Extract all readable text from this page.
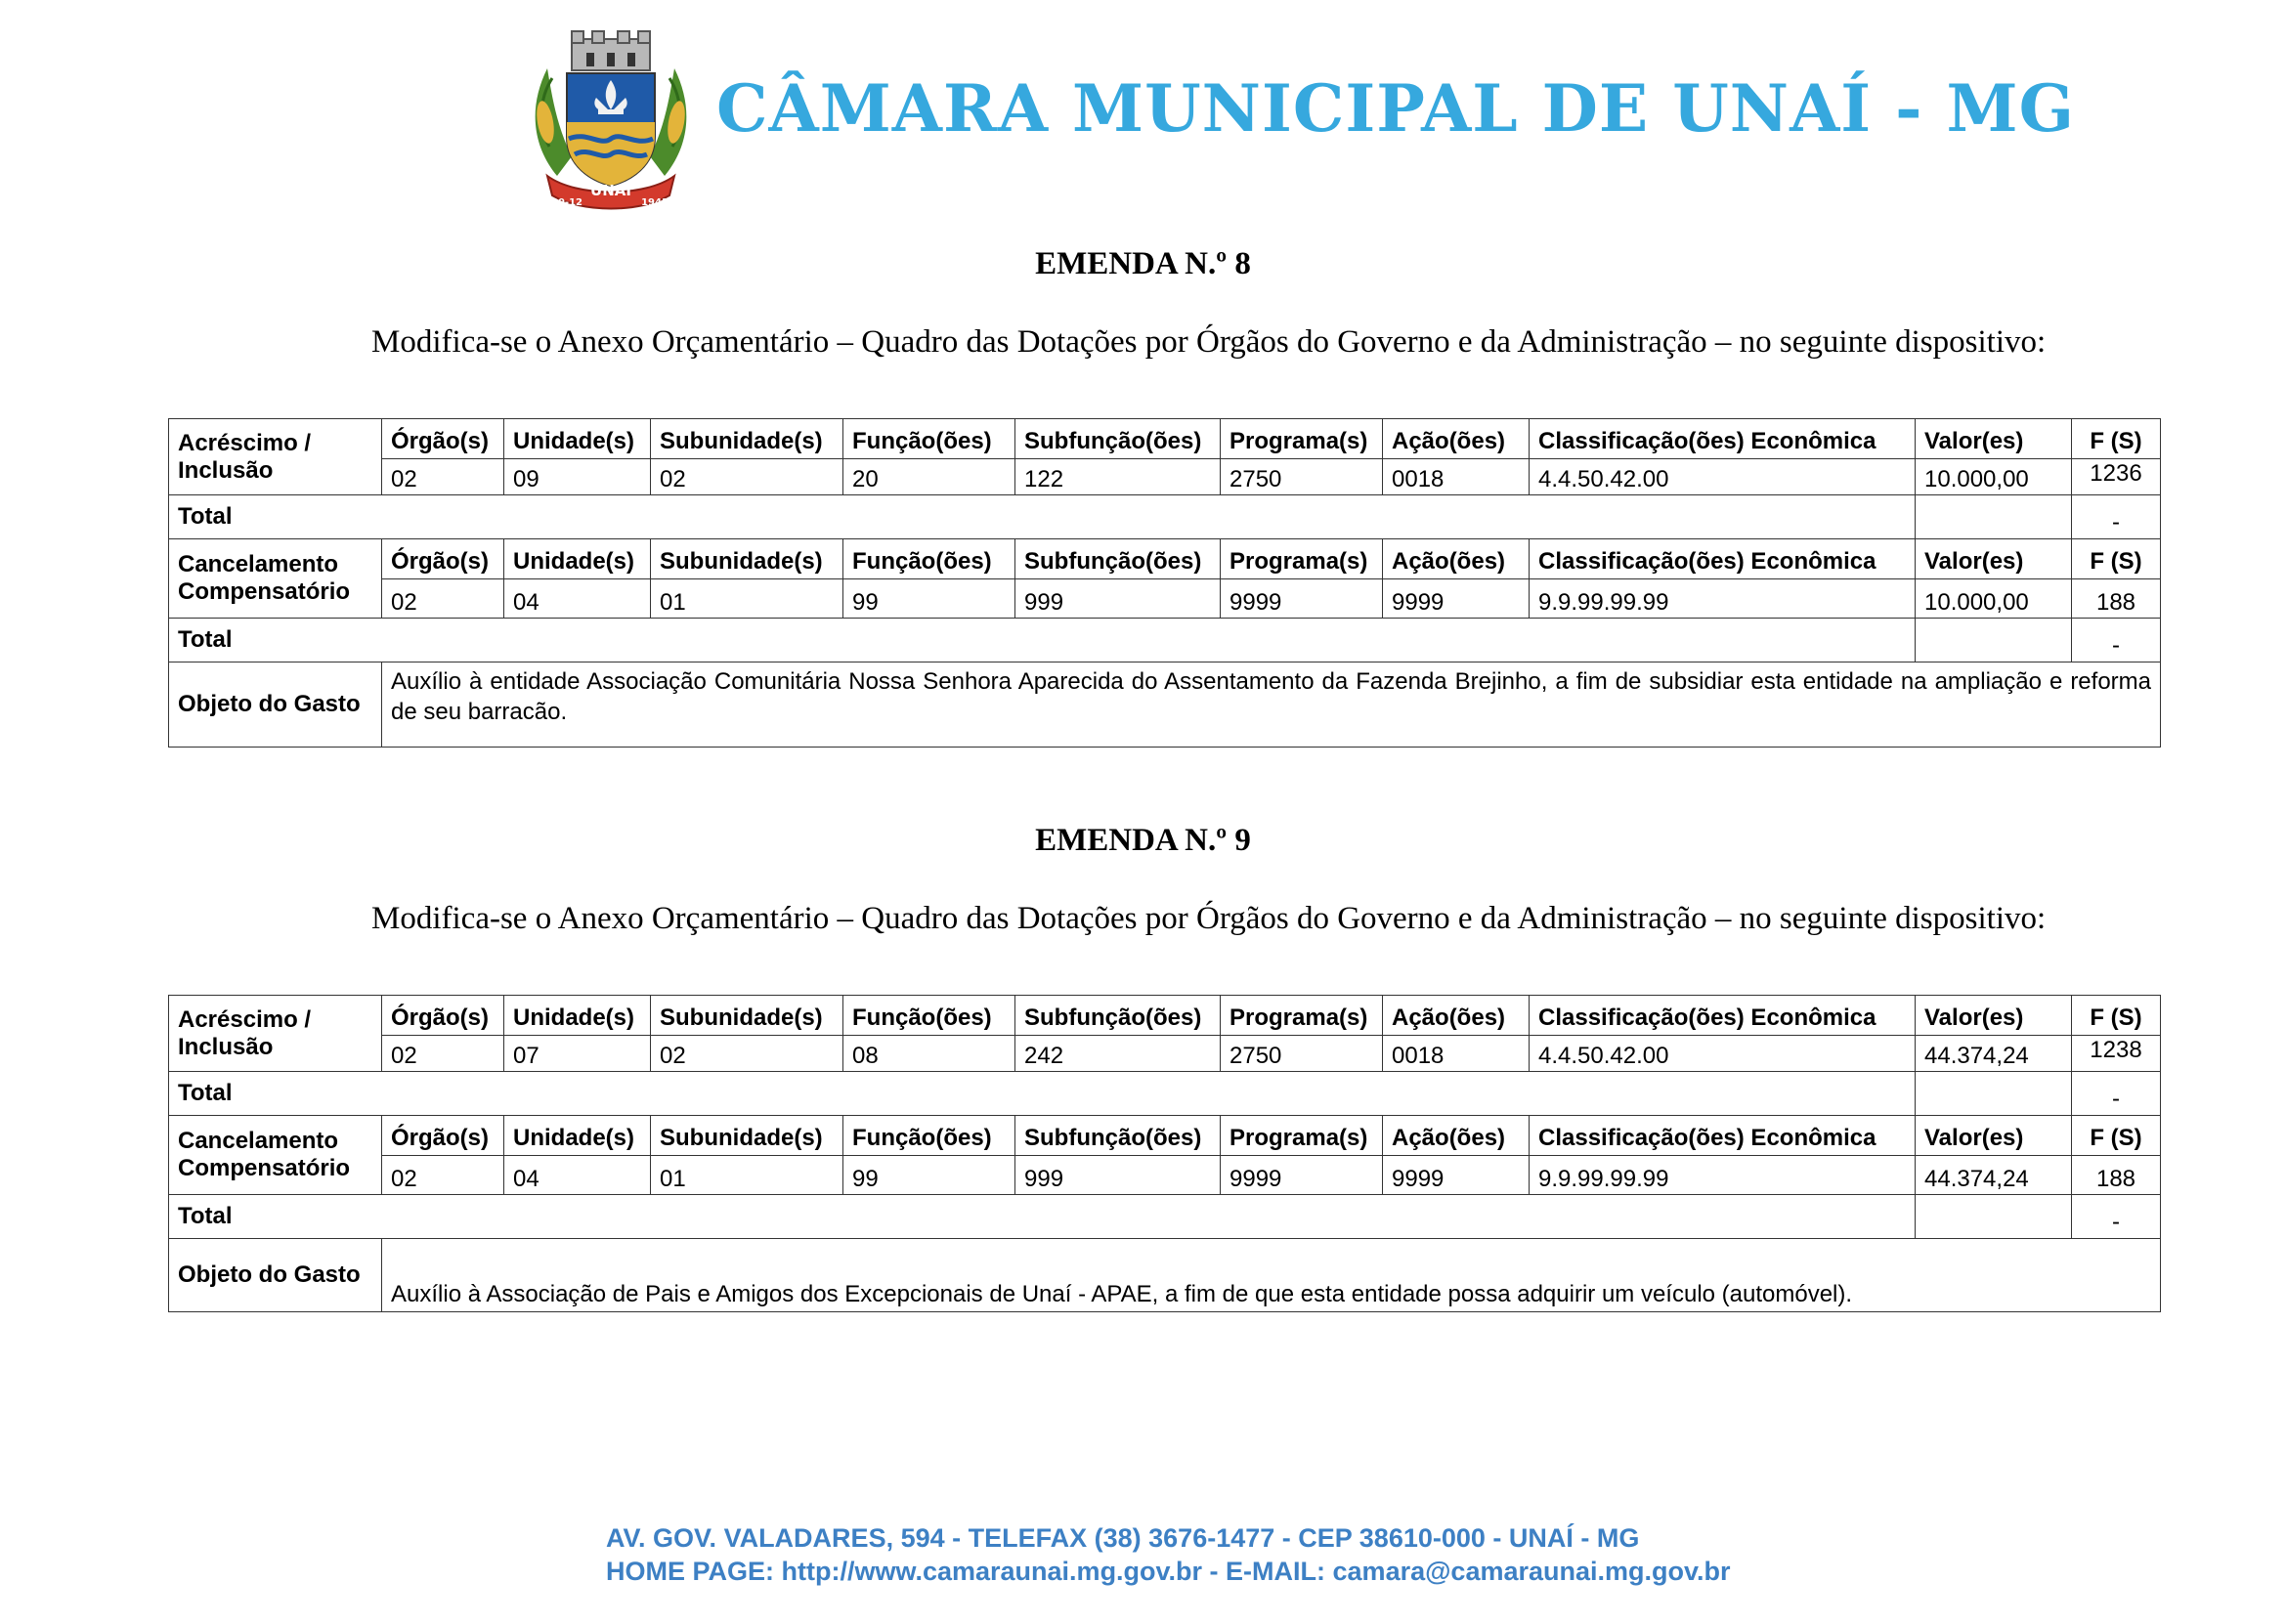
UNAÍ
30-12	1943
CÂMARA MUNICIPAL DE UNAÍ - MG
EMENDA N.º 8

Modifica-se o Anexo Orçamentário – Quadro das Dotações por Órgãos do Governo e da Administração – no seguinte dispositivo:

Acréscimo / Inclusão	Órgão(s)	Unidade(s)	Subunidade(s)	Função(ões)	Subfunção(ões)	Programa(s)	Ação(ões)	Classificação(ões) Econômica	Valor(es)	F (S)
	02	09	02	20	122	2750	0018	4.4.50.42.00	10.000,00	1236
Total										-
Cancelamento Compensatório	Órgão(s)	Unidade(s)	Subunidade(s)	Função(ões)	Subfunção(ões)	Programa(s)	Ação(ões)	Classificação(ões) Econômica	Valor(es)	F (S)
	02	04	01	99	999	9999	9999	9.9.99.99.99	10.000,00	188
Total										-
Objeto do Gasto	Auxílio à entidade Associação Comunitária Nossa Senhora Aparecida do Assentamento da Fazenda Brejinho, a fim de subsidiar esta entidade na ampliação e reforma de seu barracão.									
EMENDA N.º 9

Modifica-se o Anexo Orçamentário – Quadro das Dotações por Órgãos do Governo e da Administração – no seguinte dispositivo:

Acréscimo / Inclusão	Órgão(s)	Unidade(s)	Subunidade(s)	Função(ões)	Subfunção(ões)	Programa(s)	Ação(ões)	Classificação(ões) Econômica	Valor(es)	F (S)
	02	07	02	08	242	2750	0018	4.4.50.42.00	44.374,24	1238
Total										-
Cancelamento Compensatório	Órgão(s)	Unidade(s)	Subunidade(s)	Função(ões)	Subfunção(ões)	Programa(s)	Ação(ões)	Classificação(ões) Econômica	Valor(es)	F (S)
	02	04	01	99	999	9999	9999	9.9.99.99.99	44.374,24	188
Total										-
Objeto do Gasto	Auxílio à Associação de Pais e Amigos dos Excepcionais de Unaí - APAE, a fim de que esta entidade possa adquirir um veículo (automóvel).									
AV. GOV. VALADARES, 594 - TELEFAX (38) 3676-1477 - CEP 38610-000 - UNAÍ - MG
HOME PAGE: http://www.camaraunai.mg.gov.br - E-MAIL: camara@camaraunai.mg.gov.br
